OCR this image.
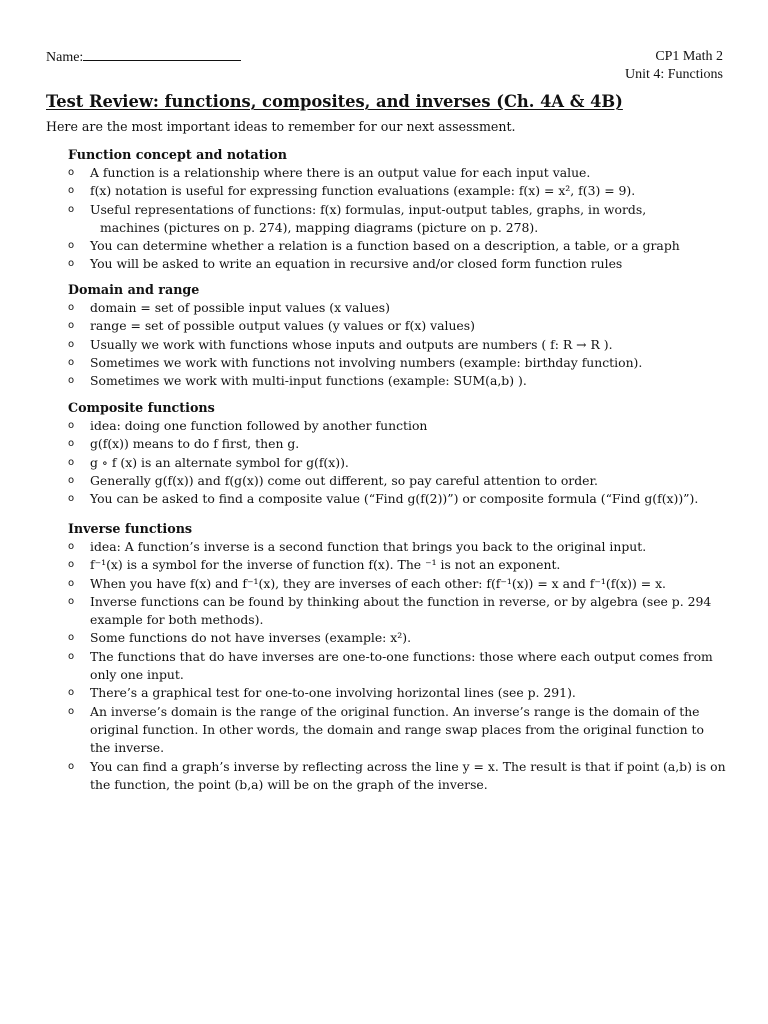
Name:	CP1 Math 2
Unit 4: Functions
Test Review: functions, composites, and inverses (Ch. 4A & 4B)
Here are the most important ideas to remember for our next assessment.
Function concept and notation
o A function is a relationship where there is an output value for each input value.
o f(x) notation is useful for expressing function evaluations (example: f(x) = x², f(3) = 9).
o Useful representations of functions: f(x) formulas, input-output tables, graphs, in words,
machines (pictures on p. 274), mapping diagrams (picture on p. 278).
o You can determine whether a relation is a function based on a description, a table, or a graph
o You will be asked to write an equation in recursive and/or closed form function rules
Domain and range
o domain = set of possible input values (x values)
o range = set of possible output values (y values or f(x) values)
o Usually we work with functions whose inputs and outputs are numbers ( f: R → R ).
o Sometimes we work with functions not involving numbers (example: birthday function).
o Sometimes we work with multi-input functions (example: SUM(a,b) ).
Composite functions
o idea: doing one function followed by another function
o g(f(x)) means to do f first, then g.
o g ∘ f (x) is an alternate symbol for g(f(x)).
o Generally g(f(x)) and f(g(x)) come out different, so pay careful attention to order.
o You can be asked to find a composite value (“Find g(f(2))”) or composite formula (“Find g(f(x))”).
Inverse functions
o idea: A function’s inverse is a second function that brings you back to the original input.
o f⁻¹(x) is a symbol for the inverse of function f(x). The ⁻¹ is not an exponent.
o When you have f(x) and f⁻¹(x), they are inverses of each other: f(f⁻¹(x)) = x and f⁻¹(f(x)) = x.
o Inverse functions can be found by thinking about the function in reverse, or by algebra (see p. 294 example for both methods).
o Some functions do not have inverses (example: x²).
o The functions that do have inverses are one-to-one functions: those where each output comes from only one input.
o There’s a graphical test for one-to-one involving horizontal lines (see p. 291).
o An inverse’s domain is the range of the original function. An inverse’s range is the domain of the original function. In other words, the domain and range swap places from the original function to the inverse.
o You can find a graph’s inverse by reflecting across the line y = x. The result is that if point (a,b) is on the function, the point (b,a) will be on the graph of the inverse.
